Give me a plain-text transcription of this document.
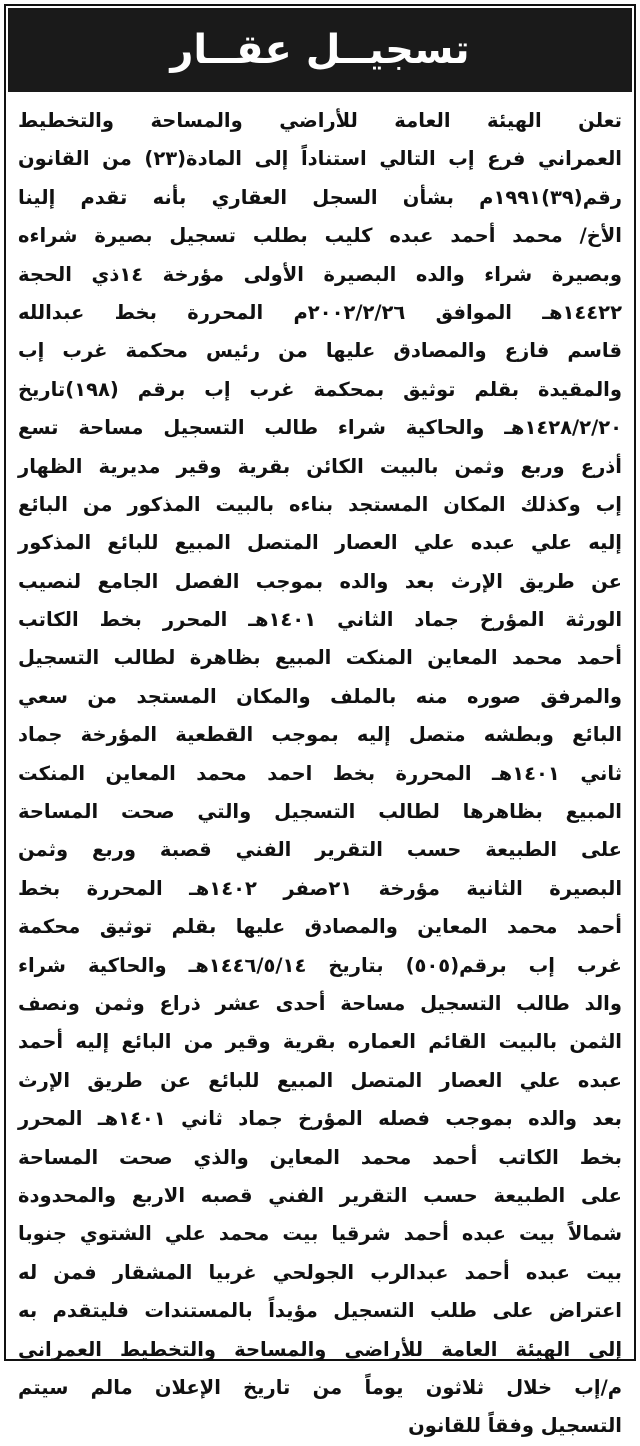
تسجيــل عقــار
تعلن الهيئة العامة للأراضي والمساحة والتخطيط
العمراني فرع إب التالي استناداً إلى المادة(٢٣) من القانون
رقم(٣٩)١٩٩١م بشأن السجل العقاري بأنه تقدم إلينا
الأخ/ محمد أحمد عبده كليب بطلب تسجيل بصيرة شراءه
وبصيرة شراء والده البصيرة الأولى مؤرخة ١٤ذي الحجة
١٤٤٢٢هـ الموافق ٢٠٠٢/٢/٢٦م المحررة بخط عبدالله
قاسم فازع والمصادق عليها من رئيس محكمة غرب إب
والمقيدة بقلم توثيق بمحكمة غرب إب برقم (١٩٨)تاريخ
١٤٢٨/٢/٢٠هـ والحاكية شراء طالب التسجيل مساحة تسع
أذرع وربع وثمن بالبيت الكائن بقرية وقير مديرية الظهار
إب وكذلك المكان المستجد بناءه بالبيت المذكور من البائع
إليه علي عبده علي العصار المتصل المبيع للبائع المذكور
عن طريق الإرث بعد والده بموجب الفصل الجامع لنصيب
الورثة المؤرخ جماد الثاني ١٤٠١هـ المحرر بخط الكاتب
أحمد محمد المعاين المنكت المبيع بظاهرة لطالب التسجيل
والمرفق صوره منه بالملف والمكان المستجد من سعي
البائع وبطشه متصل إليه بموجب القطعية المؤرخة جماد
ثاني ١٤٠١هـ المحررة بخط احمد محمد المعاين المنكت
المبيع بظاهرها لطالب التسجيل والتي صحت المساحة
على الطبيعة حسب التقرير الفني قصبة وربع وثمن
البصيرة الثانية مؤرخة ٢١صفر ١٤٠٢هـ المحررة بخط
أحمد محمد المعاين والمصادق عليها بقلم توثيق محكمة
غرب إب برقم(٥٠٥) بتاريخ ١٤٤٦/٥/١٤هـ والحاكية شراء
والد طالب التسجيل مساحة أحدى عشر ذراع وثمن ونصف
الثمن بالبيت القائم العماره بقرية وقير من البائع إليه أحمد
عبده علي العصار المتصل المبيع للبائع عن طريق الإرث
بعد والده بموجب فصله المؤرخ جماد ثاني ١٤٠١هـ المحرر
بخط الكاتب أحمد محمد المعاين والذي صحت المساحة
على الطبيعة حسب التقرير الفني قصبه الاربع والمحدودة
شمالاً بيت عبده أحمد شرقيا بيت محمد علي الشتوي جنوبا
بيت عبده أحمد عبدالرب الجولحي غربيا المشقار فمن له
اعتراض على طلب التسجيل مؤيداً بالمستندات فليتقدم به
إلى الهيئة العامة للأراضي والمساحة والتخطيط العمراني
م/إب خلال ثلاثون يوماً من تاريخ الإعلان مالم سيتم
التسجيل وفقاً للقانون
